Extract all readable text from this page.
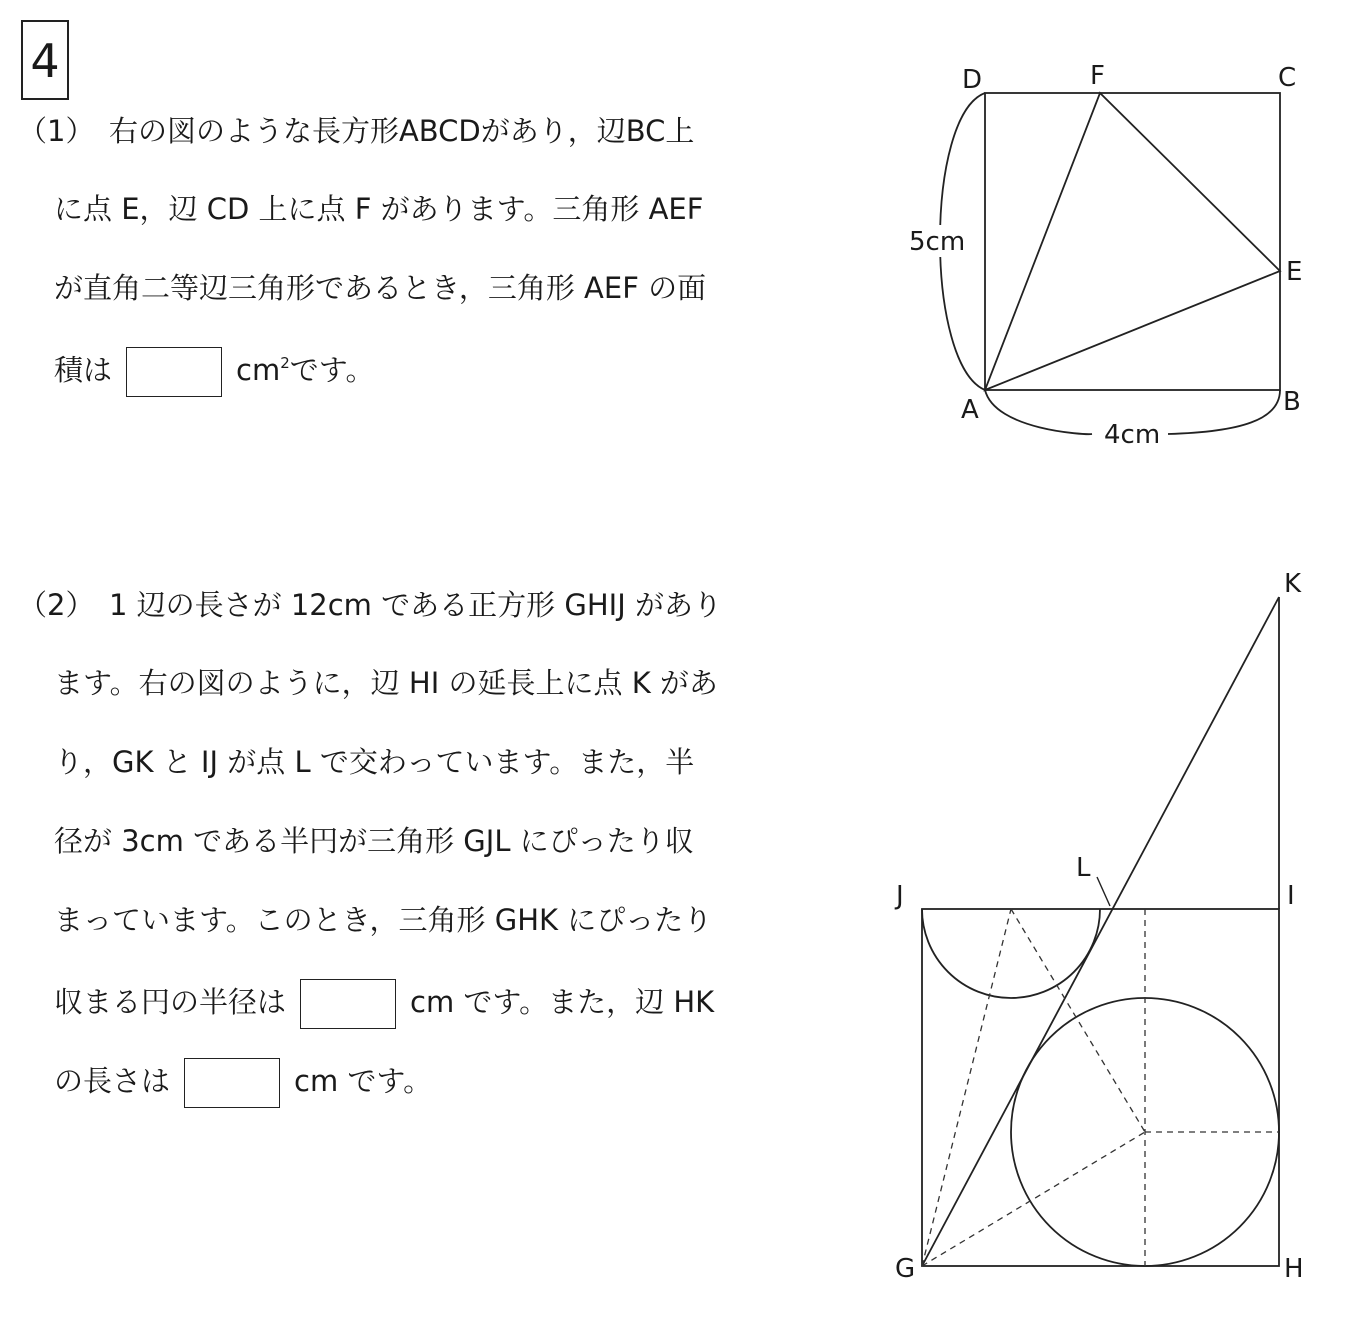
4
（1）　右の図のような長方形ABCDがあり，辺BC上
に点 E，辺 CD 上に点 F があります。三角形 AEF
が直角二等辺三角形であるとき，三角形 AEF の面
積は	$cm^2$です。
（2）　1 辺の長さが 12cm である正方形 GHIJ があり
ます。右の図のように，辺 HI の延長上に点 K があ
り，GK と IJ が点 L で交わっています。また，半
径が 3cm である半円が三角形 GJL にぴったり収
まっています。このとき，三角形 GHK にぴったり
収まる円の半径は	cm です。また，辺 HK
の長さは	cm です。
5cm
4cm
A	B
C
D
E
F
J	I
G	H
K
L
